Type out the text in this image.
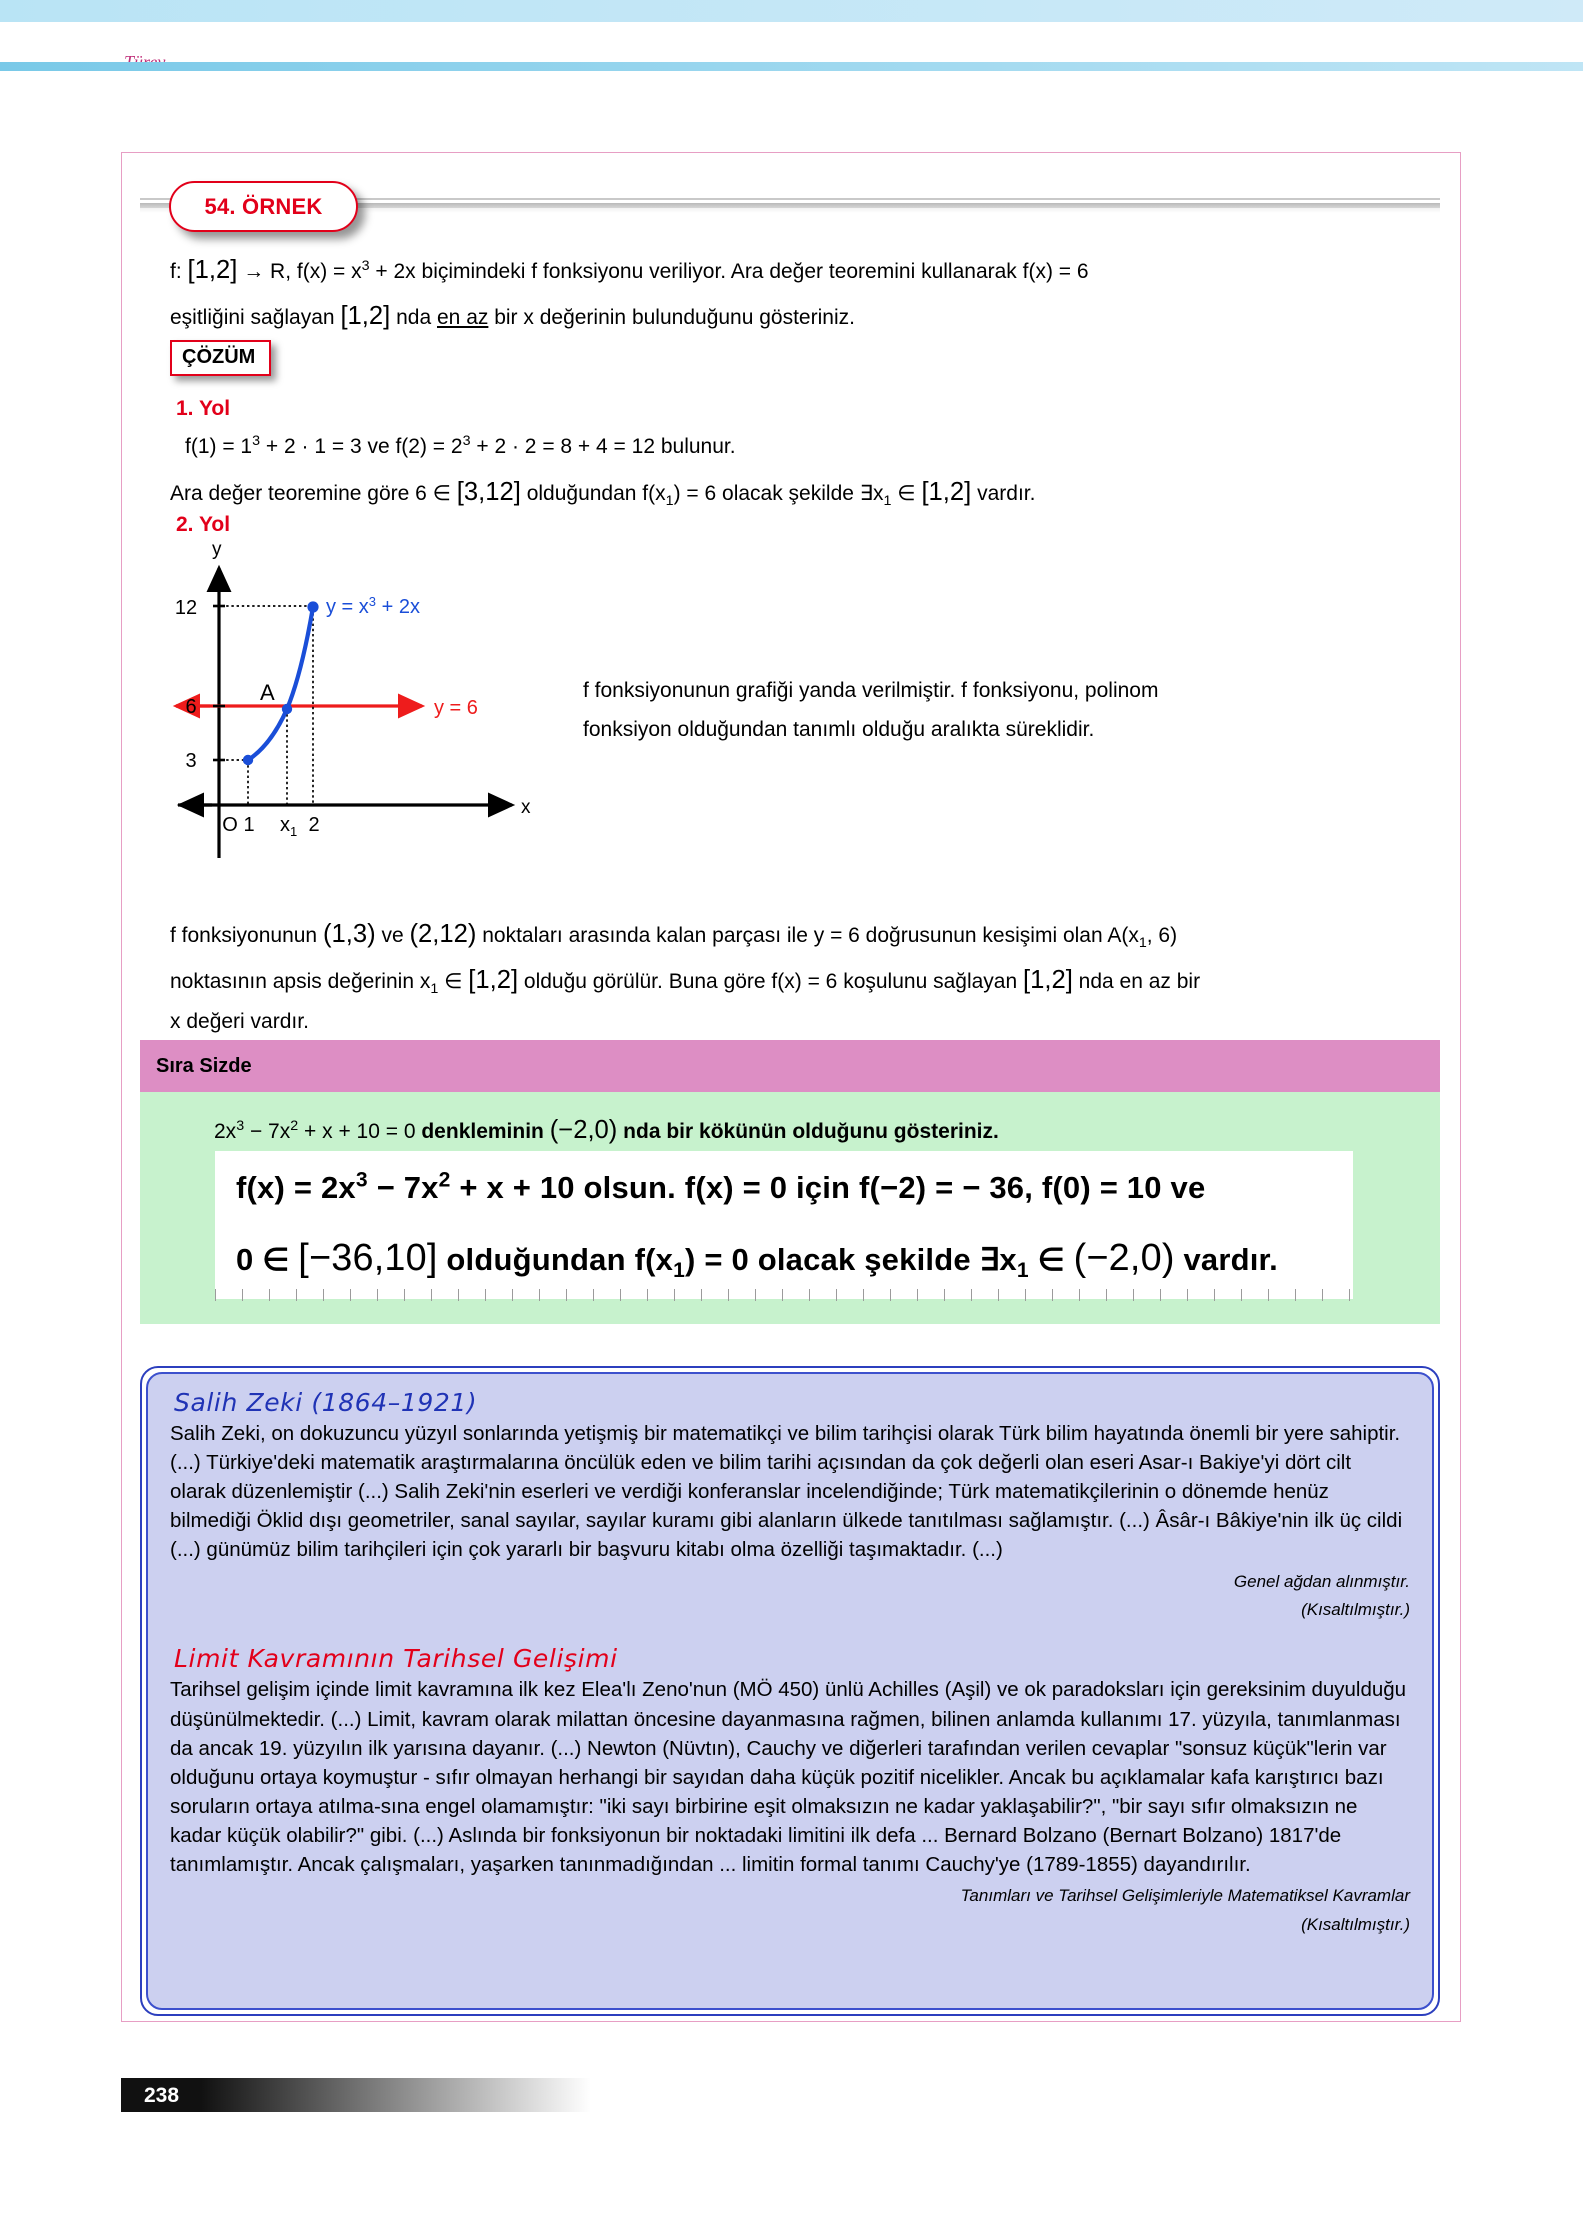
54. ÖRNEK
f: [1,2] → R, $f(x) = x^3 + 2x$ biçimindeki f fonksiyonu veriliyor. Ara değer teoremini kullanarak f(x) = 6
eşitliğini sağlayan [1,2] nda en az bir x değerinin bulunduğunu gösteriniz.
ÇÖZÜM
1. Yol
$f(1) = 1^3 + 2 \cdot 1 = 3$ ve $f(2) = 2^3 + 2 \cdot 2 = 8 + 4 = 12$ bulunur.
Ara değer teoremine göre 6 ∈ [3,12] olduğundan $f(x_1) = 6$ olacak şekilde $\exists x_1$ ∈ [1,2] vardır.
2. Yol
y
x
12
6
3
O 1 $x_1$ 2
A
$y = x^3 + 2x$
y = 6
f fonksiyonunun grafiği yanda verilmiştir. f fonksiyonu, polinom
fonksiyon olduğundan tanımlı olduğu aralıkta süreklidir.
f fonksiyonunun (1,3) ve (2,12) noktaları arasında kalan parçası ile y = 6 doğrusunun kesişimi olan $A(x_1$, 6)
noktasının apsis değerinin $x_1$ ∈ [1,2] olduğu görülür. Buna göre f(x) = 6 koşulunu sağlayan [1,2] nda en az bir
x değeri vardır.
Sıra Sizde
$2x^3 - 7x^2 + x + 10 = 0$ denkleminin (−2,0) nda bir kökünün olduğunu gösteriniz.
$f(x) = 2x^3 - 7x^2 + x + 10$ olsun. f(x) = 0 için f(−2) = − 36, f(0) = 10 ve
0 ∈ [−36,10] olduğundan $f(x_1) = 0$ olacak şekilde $\exists x_1$ ∈ (−2,0) vardır.
Salih Zeki (1864–1921)

Salih Zeki, on dokuzuncu yüzyıl sonlarında yetişmiş bir matematikçi ve bilim tarihçisi olarak Türk bilim hayatında önemli bir yere sahiptir. (...) Türkiye'deki matematik araştırmalarına öncülük eden ve bilim tarihi açısından da çok değerli olan eseri Asar-ı Bakiye'yi dört cilt olarak düzenlemiştir (...) Salih Zeki'nin eserleri ve verdiği konferanslar incelendiğinde; Türk matematikçilerinin o dönemde henüz bilmediği Öklid dışı geometriler, sanal sayılar, sayılar kuramı gibi alanların ülkede tanıtılması sağlamıştır. (...) Âsâr-ı Bâkiye'nin ilk üç cildi (...) günümüz bilim tarihçileri için çok yararlı bir başvuru kitabı olma özelliği taşımaktadır. (...)

Genel ağdan alınmıştır.
(Kısaltılmıştır.)
Limit Kavramının Tarihsel Gelişimi

Tarihsel gelişim içinde limit kavramına ilk kez Elea'lı Zeno'nun (MÖ 450) ünlü Achilles (Aşil) ve ok paradoksları için gereksinim duyulduğu düşünülmektedir. (...) Limit, kavram olarak milattan öncesine dayanmasına rağmen, bilinen anlamda kullanımı 17. yüzyıla, tanımlanması da ancak 19. yüzyılın ilk yarısına dayanır. (...) Newton (Nüvtın), Cauchy ve diğerleri tarafından verilen cevaplar "sonsuz küçük"lerin var olduğunu ortaya koymuştur - sıfır olmayan herhangi bir sayıdan daha küçük pozitif nicelikler. Ancak bu açıklamalar kafa karıştırıcı bazı soruların ortaya atılma-sına engel olamamıştır: "iki sayı birbirine eşit olmaksızın ne kadar yaklaşabilir?", "bir sayı sıfır olmaksızın ne kadar küçük olabilir?" gibi. (...) Aslında bir fonksiyonun bir noktadaki limitini ilk defa ... Bernard Bolzano (Bernart Bolzano) 1817'de tanımlamıştır. Ancak çalışmaları, yaşarken tanınmadığından ... limitin formal tanımı Cauchy'ye (1789-1855) dayandırılır.

Tanımları ve Tarihsel Gelişimleriyle Matematiksel Kavramlar
(Kısaltılmıştır.)
238
